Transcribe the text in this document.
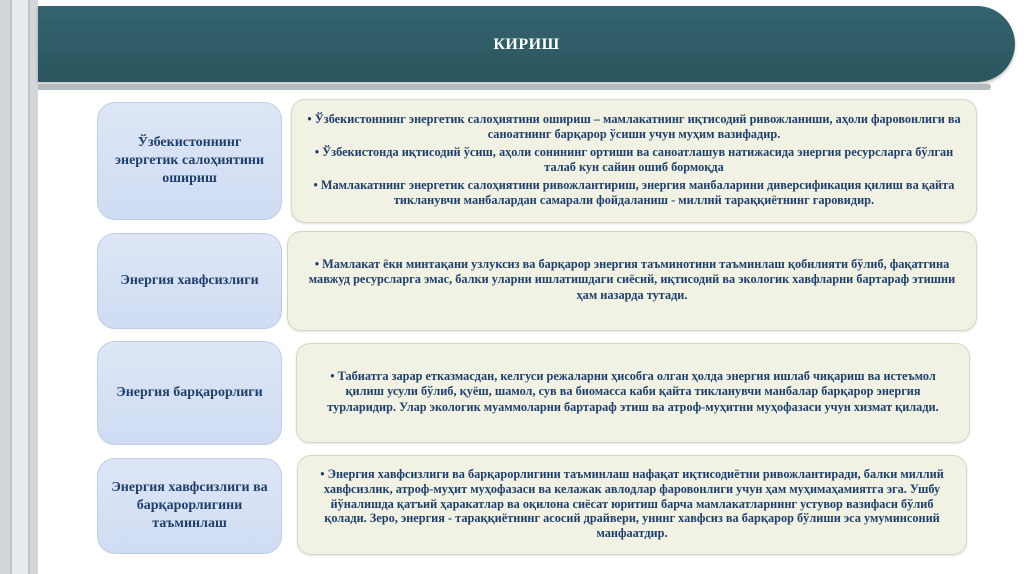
КИРИШ
Ўзбекистоннинг энергетик салоҳиятини ошириш

• Ўзбекистоннинг энергетик салоҳиятини ошириш – мамлакатнинг иқтисодий ривожланиши, аҳоли фаровонлиги ва саноатнинг барқарор ўсиши учун муҳим вазифадир.

• Ўзбекистонда иқтисодий ўсиш, аҳоли сонининг ортиши ва саноатлашув натижасида энергия ресурсларга бўлган талаб кун сайин ошиб бормоқда

• Мамлакатнинг энергетик салоҳиятини ривожлантириш, энергия манбаларини диверсификация қилиш ва қайта тикланувчи манбалардан самарали фойдаланиш - миллий тараққиётнинг гаровидир.

Энергия хавфсизлиги

• Мамлакат ёки минтақани узлуксиз ва барқарор энергия таъминотини таъминлаш қобилияти бўлиб, фақатгина мавжуд ресурсларга эмас, балки уларни ишлатишдаги сиёсий, иқтисодий ва экологик хавфларни бартараф этишни ҳам назарда тутади.

Энергия барқарорлиги

• Табиатга зарар етказмасдан, келгуси режаларни ҳисобга олган ҳолда энергия ишлаб чиқариш ва истеъмол қилиш усули бўлиб, қуёш, шамол, сув ва биомасса каби қайта тикланувчи манбалар барқарор энергия турларидир. Улар экологик муаммоларни бартараф этиш ва атроф-муҳитни муҳофазаси учун хизмат қилади.

Энергия хавфсизлиги ва барқарорлигини таъминлаш

• Энергия хавфсизлиги ва барқарорлигини таъминлаш нафақат иқтисодиётни ривожлантиради, балки миллий хавфсизлик, атроф-муҳит муҳофазаси ва келажак авлодлар фаровонлиги учун ҳам муҳимаҳамиятга эга. Ушбу йўналишда қатъий ҳаракатлар ва оқилона сиёсат юритиш барча мамлакатларнинг устувор вазифаси бўлиб қолади. Зеро, энергия - тараққиётнинг асосий драйвери, унинг хавфсиз ва барқарор бўлиши эса умуминсоний манфаатдир.
